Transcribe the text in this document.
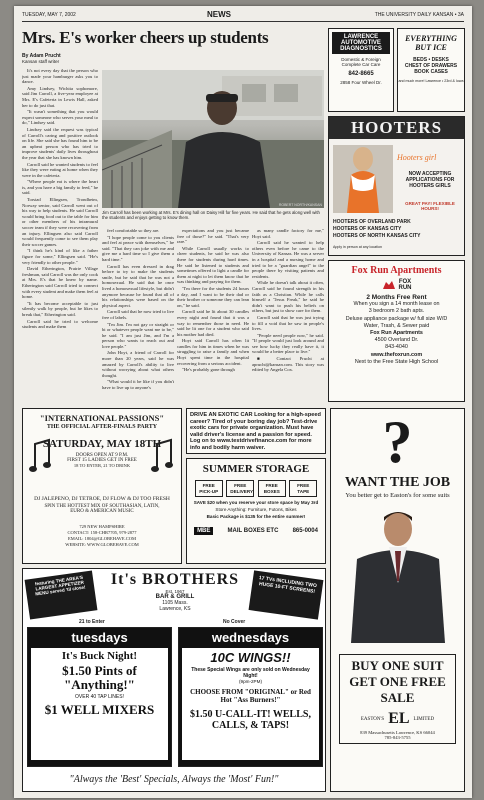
TUESDAY, MAY 7, 2002	NEWS	THE UNIVERSITY DAILY KANSAN • 3A
Mrs. E's worker cheers up students
By Adam Prucht
Kansan staff writer

It's not every day that the person who just made your hamburger asks you to dance.

Amy Lindsey, Wichita sophomore, said Jim Carroll, a five-year employee at Mrs. E's Cafeteria in Lewis Hall, asked her to do just that.

"It wasn't something that you would expect someone who serves your meal to do," Lindsey said.

Lindsey said the request was typical of Carroll's caring and positive outlook on life. She said she has found him to be an upbeat person who has tried to improve students' daily lives throughout the year that she has known him.

Carroll said he wanted students to feel like they were eating at home when they were in the cafeteria.

"Where people eat is where the heart is, and you have a big family to feed," he said.

Torstad Ellingsen, Trondheim, Norway senior, said Carroll went out of his way to help students. He said Carroll would bring food out to the table for him or other members of his intramural soccer team if they were recovering from an injury. Ellingsen also said Carroll would frequently come to see them play their soccer games.

"I think he's kind of like a father figure for some," Ellingsen said. "He's very friendly to other people."

David Etherington, Prairie Village freshman, said Carroll was the only cook at Mrs. E's that he knew by name. Etherington said Carroll tried to connect with every student and make them feel at home.

"It has become acceptable to just silently walk by people, but he likes to break that," Etherington said.

Carroll said he tried to welcome students and make them

ROBERT NORTH/KANSAN
Jim Carroll has been working at Mrs. E's dining hall on Daisy Hill for five years. He said that he gets along well with the students and enjoys getting to know them.

feel comfortable so they are.

"I hope people come to you clients and feel at peace with themselves," he said. "That they can joke with me and give me a hard time so I give them a hard time."

Carroll has even dressed in drag before to try to make the students smile, but he said that he was not a homosexual. He said that he once lived a homosexual lifestyle, but didn't anymore because he found that all of his relationships were based on the physical aspect.

Carroll said that he now tried to live free of labels.

"I'm Jim. I'm not gay or straight or bi or whatever people want me to be," he said. "I am just Jim, and I'm a person who wants to reach out and love people."

John Hoyt, a friend of Carroll for more than 20 years, said he was amazed by Carroll's ability to live without worrying about what others thought.

"What would it be like if you didn't have to live up to anyone's

expectations and you just became free of those?" he said. "That's very rare."

While Carroll usually works to cheer students, he said he was also there for students during hard times. He said he listened to students and sometimes offered to light a candle for them at night to let them know that he was thinking and praying for them.

"I'm there for the students 24 hours a day, and I want to be their dad or their brother or someone they can lean on," he said.

Carroll said he lit about 30 candles every night and found that it was a way to remember those in need. He said he lit one for a student who said his mother had died.

Hoyt said Carroll has often lit candles for him in times when he was struggling to raise a family and when Hoyt spent time in the hospital recovering from a serious accident.

"He's probably gone through

as many candle factory for me," Hoyt said.

Carroll said he wanted to help others even before he came to the University of Kansas. He was a server in a hospital and a nursing home and tried to be a "guardian angel" to the people there by visiting patients and residents.

While he doesn't talk about it often, Carroll said he found strength in his faith as a Christian. While he calls himself a "Jesus Freak," he said he didn't want to push his beliefs on others, but just to show care for them.

Carroll said that he was just trying to fill a void that he saw in people's lives.

"People need people now," he said. "If people would just look around and see how lucky they really have it, it would be a better place to live."

■ Contact Prucht at aprucht@kansan.com. This story was edited by Angela Cox.

LAWRENCE
AUTOMOTIVE
DIAGNOSTICS
Domestic & Foreign
Complete Car Care
842-8665
2858 Four Wheel Dr.
EVERYTHING
BUT ICE
BEDS • DESKS
CHEST OF DRAWERS
BOOK CASES
and much more! Lawrence • 23rd & Iowa
HOOTERS
Hooters girl
NOW ACCEPTING APPLICATIONS FOR HOOTERS GIRLS
GREAT PAY! FLEXIBLE HOURS!
HOOTERS OF OVERLAND PARK
HOOTERS OF KANSAS CITY
HOOTERS OF NORTH KANSAS CITY
Apply in person at any location
Fox Run Apartments
FOX
RUN
2 Months Free Rent
When you sign a 14 month lease on
3 bedroom 2 bath apts.
Deluxe appliance package w/ full size W/D
Water, Trash, & Sewer paid
Fox Run Apartments
4500 Overland Dr.
843-4040
www.thefoxrun.com
Next to the Free State High School
"INTERNATIONAL PASSIONS"
THE OFFICIAL AFTER-FINALS PARTY
SATURDAY, MAY 18TH
DOORS OPEN AT 9 P.M.
FIRST 15 LADIES GET IN FREE
18 TO ENTER, 21 TO DRINK
DJ JALEPENO, DJ TETROE, DJ FLOW & DJ TOO FRESH
SPIN THE HOTTEST MIX OF SOUTHASIAN, LATIN, EURO & AMERICAN MUSIC
729 NEW HAMPSHIRE
CONTACT: 158-CHR7705, 979-2877
EMAIL: 1804@GLOBEHAVE.COM
WEBSITE: WWW.GLOBEHAVE.COM
DRIVE AN EXOTIC CAR Looking for a high-speed career? Tired of your boring day job? Test-drive exotic cars for private organization. Must have valid driver's license and a passion for speed. Log on to www.testdrivefinance.com for more info and bodily harm waiver.
SUMMER STORAGE
FREE PICK-UP
FREE DELIVERY
FREE BOXES
FREE TAPE
SAVE $20 when you reserve your store space by May 3rd
Store Anything: Furniture, Futons, Bikes
Basic Package is $135 for the entire summer!
MBE	MAIL BOXES ETC 865-0004
?
WANT THE JOB
You better get to Easton's for some suits
BUY ONE SUIT
GET ONE FREE
SALE
EASTON'S EL LIMITED
839 Massachusetts Lawrence, KS 66044
785-843-5755
featuring THE AREA'S LARGEST APPETIZER MENU served 'til close!
It's BROTHERS
Est. 1967
BAR & GRILL
1105 Mass.
Lawrence, KS
17 TVs INCLUDING TWO HUGE 10-FT SCREENS!
21 to Enter	No Cover
tuesdays
It's Buck Night!
$1.50 Pints of "Anything!"
OVER 40 TAP LINES!
$1 WELL MIXERS
wednesdays
10C WINGS!!
These Special Wings are only sold on Wednesday Night!
(9pm-2PM)
CHOOSE FROM "ORIGINAL" or Red Hot "Ass Burners!"
$1.50 U-CALL-IT! WELLS, CALLS, & TAPS!
"Always the 'Best' Specials, Always the 'Most' Fun!"
